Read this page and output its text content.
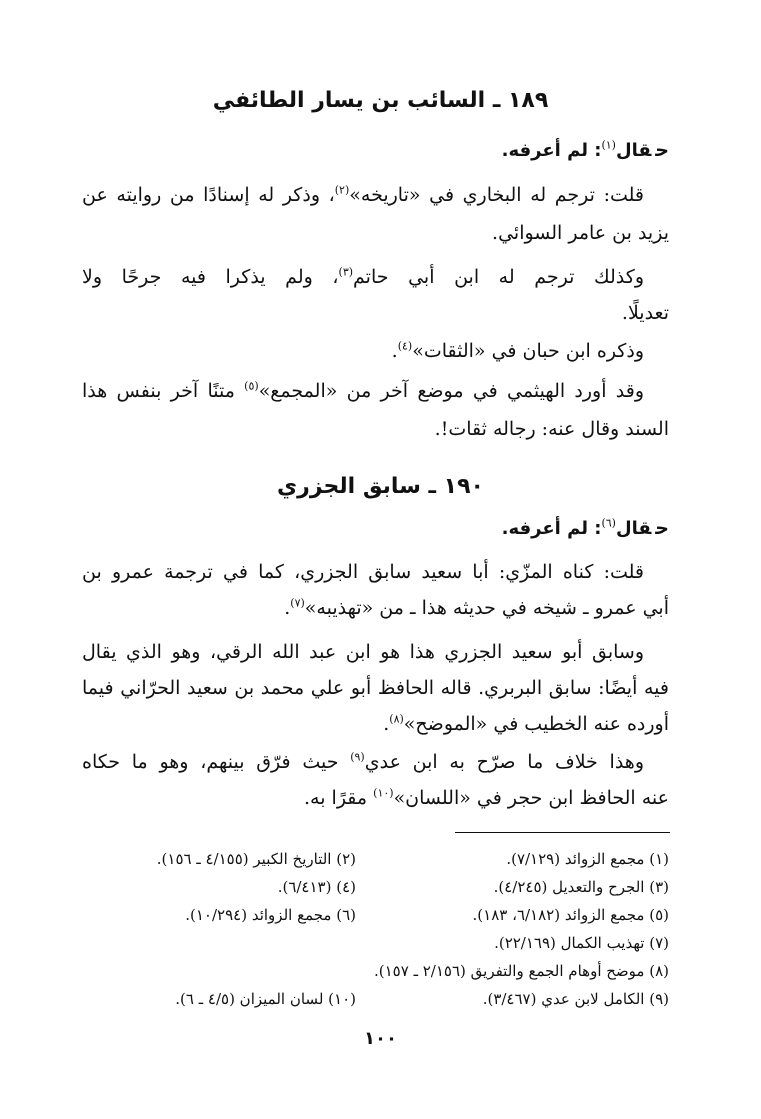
١٨٩ ـ السائب بن يسار الطائفي
حقال$^{(١)}$: لم أعرفه.
قلت: ترجم له البخاري في «تاريخه»$^{(٢)}$، وذكر له إسنادًا من روايته عن
يزيد بن عامر السوائي.
وكذلك ترجم له ابن أبي حاتم$^{(٣)}$، ولم يذكرا فيه جرحًا ولا
تعديلًا.
وذكره ابن حبان في «الثقات»$^{(٤)}$.
وقد أورد الهيثمي في موضع آخر من «المجمع»$^{(٥)}$ متنًا آخر بنفس هذا
السند وقال عنه: رجاله ثقات!.
١٩٠ ـ سابق الجزري
حقال$^{(٦)}$: لم أعرفه.
قلت: كناه المزّي: أبا سعيد سابق الجزري، كما في ترجمة عمرو بن
أبي عمرو ـ شيخه في حديثه هذا ـ من «تهذيبه»$^{(٧)}$.
وسابق أبو سعيد الجزري هذا هو ابن عبد الله الرقي، وهو الذي يقال
فيه أيضًا: سابق البربري. قاله الحافظ أبو علي محمد بن سعيد الحرّاني فيما
أورده عنه الخطيب في «الموضح»$^{(٨)}$.
وهذا خلاف ما صرّح به ابن عدي$^{(٩)}$ حيث فرّق بينهم، وهو ما حكاه
عنه الحافظ ابن حجر في «اللسان»$^{(١٠)}$ مقرًا به.
(١) مجمع الزوائد (٧/١٢٩).
(٢) التاريخ الكبير (٤/١٥٥ ـ ١٥٦).
(٣) الجرح والتعديل (٤/٢٤٥).
(٤) (٦/٤١٣).
(٥) مجمع الزوائد (٦/١٨٢، ١٨٣).
(٦) مجمع الزوائد (١٠/٢٩٤).
(٧) تهذيب الكمال (٢٢/١٦٩).
(٨) موضح أوهام الجمع والتفريق (٢/١٥٦ ـ ١٥٧).
(٩) الكامل لابن عدي (٣/٤٦٧).
(١٠) لسان الميزان (٤/٥ ـ ٦).
١٠٠
